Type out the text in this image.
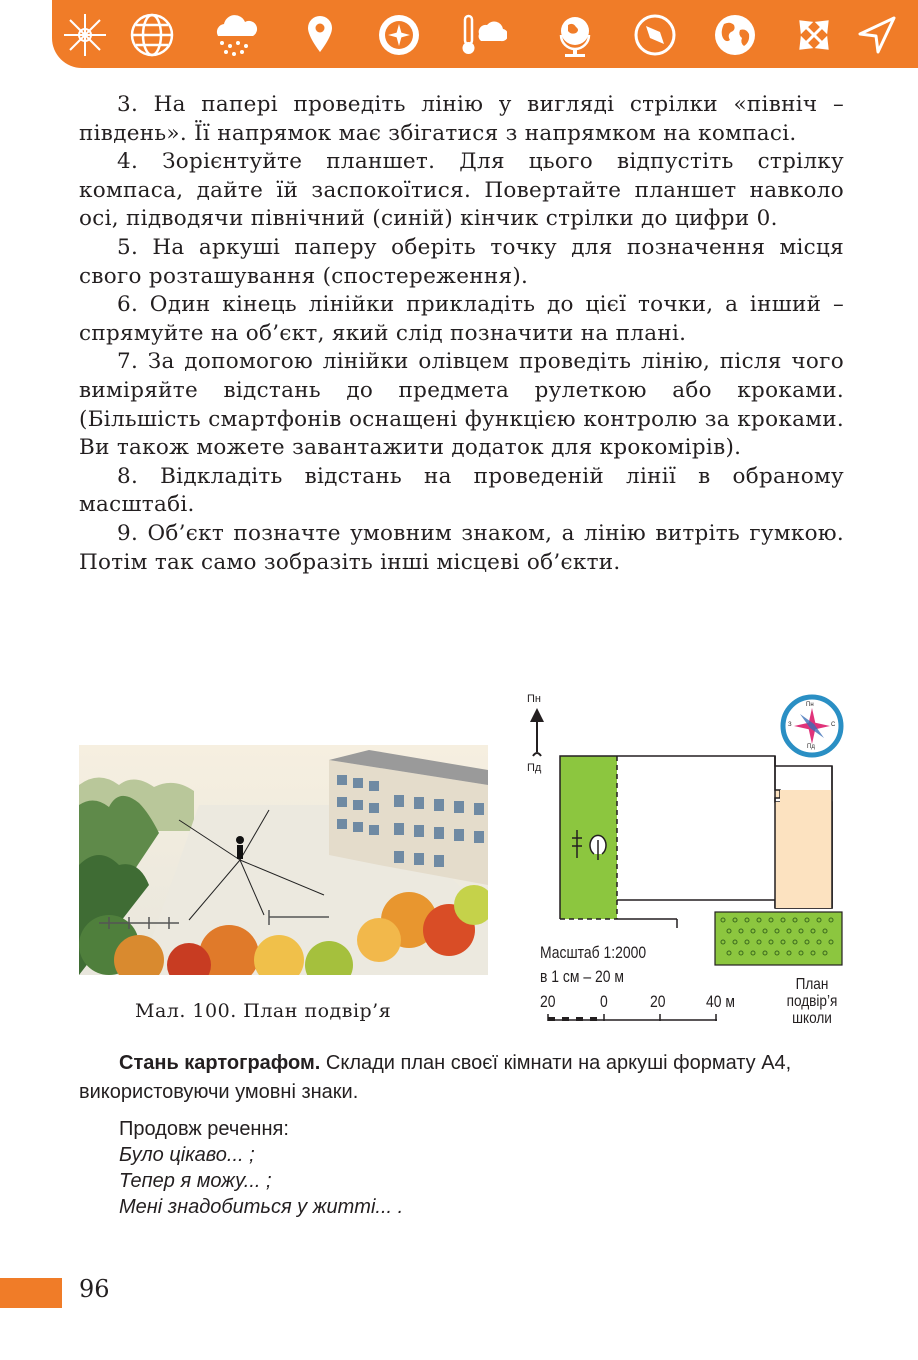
3. На папері проведіть лінію у вигляді стрілки «північ – південь». Її напрямок має збігатися з напрямком на компасі.

4. Зорієнтуйте планшет. Для цього відпустіть стрілку компаса, дайте їй заспокоїтися. Повертайте планшет навколо осі, підводячи північний (синій) кінчик стрілки до цифри 0.

5. На аркуші паперу оберіть точку для позначення місця свого розташування (спостереження).

6. Один кінець лінійки прикладіть до цієї точки, а інший – спрямуйте на об’єкт, який слід позначити на плані.

7. За допомогою лінійки олівцем проведіть лінію, після чого виміряйте відстань до предмета рулеткою або кроками. (Більшість смартфонів оснащені функцією контролю за кроками. Ви також можете завантажити додаток для крокомірів).

8. Відкладіть відстань на проведеній лінії в обраному масштабі.

9. Об’єкт позначте умовним знаком, а лінію витріть гумкою. Потім так само зобразіть інші місцеві об’єкти.

Мал. 100. План подвір’я
Пн
Пд
Пн
Пд
З	С
Масштаб 1:2000
в 1 см – 20 м
20	0 20 40 м
План
подвір’я
школи
Стань картографом. Склади план своєї кімнати на аркуші формату А4, використовуючи умовні знаки.
Продовж речення:
Було цікаво... ;
Тепер я можу... ;
Мені знадобиться у житті... .
96
